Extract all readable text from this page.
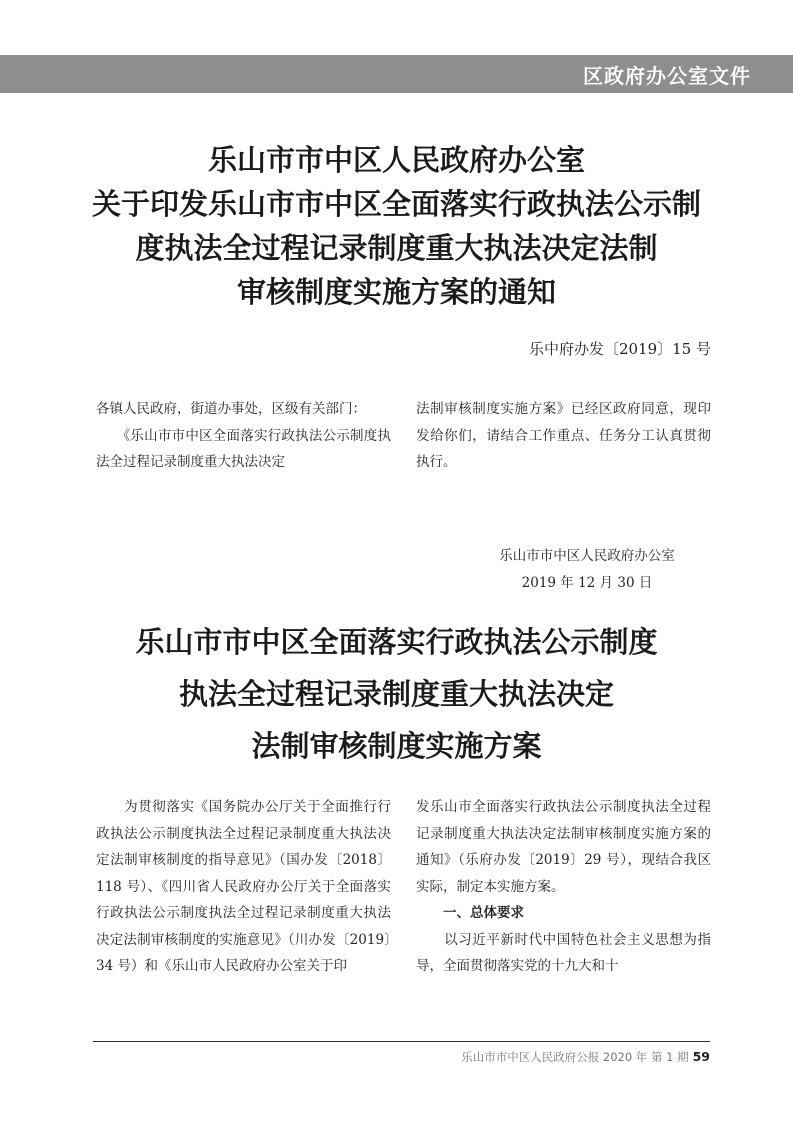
区政府办公室文件
乐山市市中区人民政府办公室
关于印发乐山市市中区全面落实行政执法公示制
度执法全过程记录制度重大执法决定法制
审核制度实施方案的通知
乐中府办发〔2019〕15 号

各镇人民政府，街道办事处，区级有关部门：

　　《乐山市市中区全面落实行政执法公示制度执法全过程记录制度重大执法决定

法制审核制度实施方案》已经区政府同意，现印发给你们，请结合工作重点、任务分工认真贯彻执行。

乐山市市中区人民政府办公室
2019 年 12 月 30 日
乐山市市中区全面落实行政执法公示制度
执法全过程记录制度重大执法决定
法制审核制度实施方案

　　为贯彻落实《国务院办公厅关于全面推行行政执法公示制度执法全过程记录制度重大执法决定法制审核制度的指导意见》（国办发〔2018〕118 号）、《四川省人民政府办公厅关于全面落实行政执法公示制度执法全过程记录制度重大执法决定法制审核制度的实施意见》（川办发〔2019〕34 号）和《乐山市人民政府办公室关于印

发乐山市全面落实行政执法公示制度执法全过程记录制度重大执法决定法制审核制度实施方案的通知》（乐府办发〔2019〕29 号），现结合我区实际，制定本实施方案。

一、总体要求

　　以习近平新时代中国特色社会主义思想为指导，全面贯彻落实党的十九大和十

乐山市市中区人民政府公报 2020 年 第 1 期 59
